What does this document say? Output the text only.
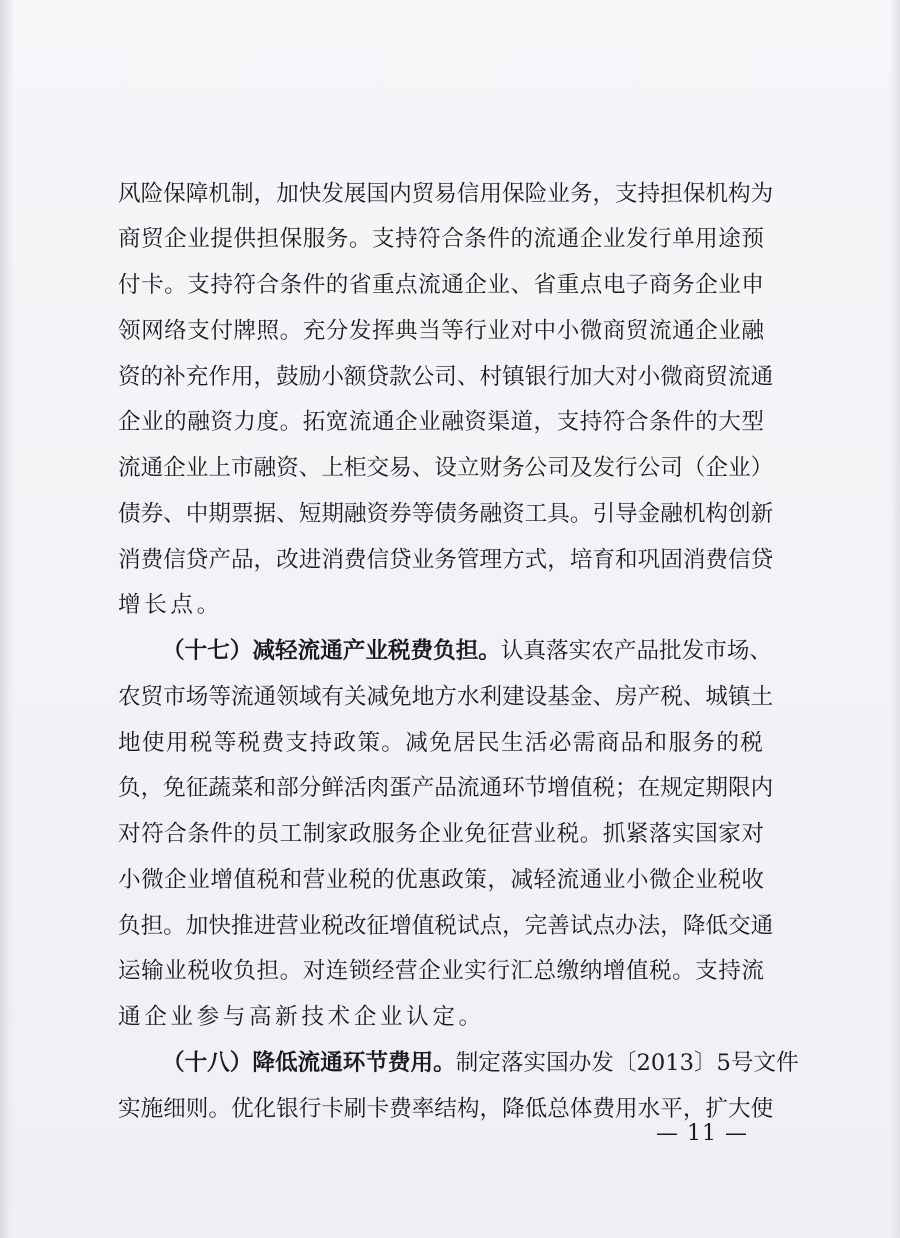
风险保障机制，加快发展国内贸易信用保险业务，支持担保机构为
商贸企业提供担保服务。支持符合条件的流通企业发行单用途预
付卡。支持符合条件的省重点流通企业、省重点电子商务企业申
领网络支付牌照。充分发挥典当等行业对中小微商贸流通企业融
资的补充作用，鼓励小额贷款公司、村镇银行加大对小微商贸流通
企业的融资力度。拓宽流通企业融资渠道，支持符合条件的大型
流通企业上市融资、上柜交易、设立财务公司及发行公司（企业）
债券、中期票据、短期融资券等债务融资工具。引导金融机构创新
消费信贷产品，改进消费信贷业务管理方式，培育和巩固消费信贷
增长点。
（十七）减轻流通产业税费负担。认真落实农产品批发市场、
农贸市场等流通领域有关减免地方水利建设基金、房产税、城镇土
地使用税等税费支持政策。减免居民生活必需商品和服务的税
负，免征蔬菜和部分鲜活肉蛋产品流通环节增值税；在规定期限内
对符合条件的员工制家政服务企业免征营业税。抓紧落实国家对
小微企业增值税和营业税的优惠政策，减轻流通业小微企业税收
负担。加快推进营业税改征增值税试点，完善试点办法，降低交通
运输业税收负担。对连锁经营企业实行汇总缴纳增值税。支持流
通企业参与高新技术企业认定。
（十八）降低流通环节费用。制定落实国办发〔2013〕5号文件
实施细则。优化银行卡刷卡费率结构，降低总体费用水平，扩大使
— 11 —
